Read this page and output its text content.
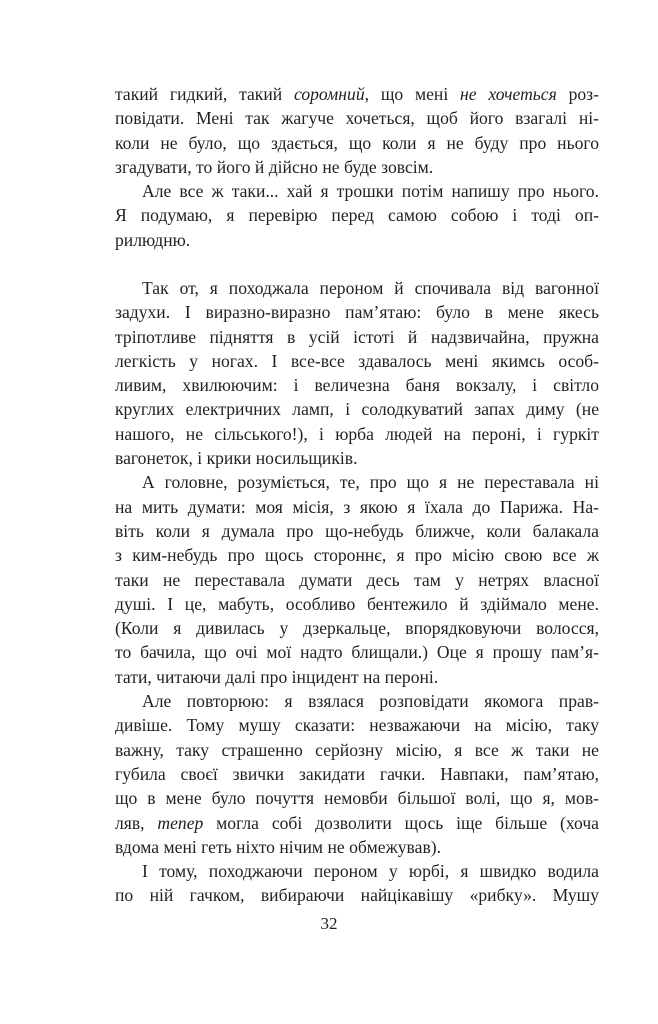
такий гидкий, такий соромний, що мені не хочеться роз-
повідати. Мені так жагуче хочеться, щоб його взагалі ні-
коли не було, що здається, що коли я не буду про нього
згадувати, то його й дійсно не буде зовсім.
Але все ж таки... хай я трошки потім напишу про нього.
Я подумаю, я перевірю перед самою собою і тоді оп-
рилюдню.
Так от, я походжала пероном й спочивала від вагонної
задухи. І виразно-виразно пам’ятаю: було в мене якесь
тріпотливе підняття в усій істоті й надзвичайна, пружна
легкість у ногах. І все-все здавалось мені якимсь особ-
ливим, хвилюючим: і величезна баня вокзалу, і світло
круглих електричних ламп, і солодкуватий запах диму (не
нашого, не сільського!), і юрба людей на пероні, і гуркіт
вагонеток, і крики носильщиків.
А головне, розуміється, те, про що я не переставала ні
на мить думати: моя місія, з якою я їхала до Парижа. На-
віть коли я думала про що-небудь ближче, коли балакала
з ким-небудь про щось стороннє, я про місію свою все ж
таки не переставала думати десь там у нетрях власної
душі. І це, мабуть, особливо бентежило й здіймало мене.
(Коли я дивилась у дзеркальце, впорядковуючи волосся,
то бачила, що очі мої надто блищали.) Оце я прошу пам’я-
тати, читаючи далі про інцидент на пероні.
Але повторюю: я взялася розповідати якомога прав-
дивіше. Тому мушу сказати: незважаючи на місію, таку
важну, таку страшенно серйозну місію, я все ж таки не
губила своєї звички закидати гачки. Навпаки, пам’ятаю,
що в мене було почуття немовби більшої волі, що я, мов-
ляв, тепер могла собі дозволити щось іще більше (хоча
вдома мені геть ніхто нічим не обмежував).
І тому, походжаючи пероном у юрбі, я швидко водила
по ній гачком, вибираючи найцікавішу «рибку». Мушу
32
